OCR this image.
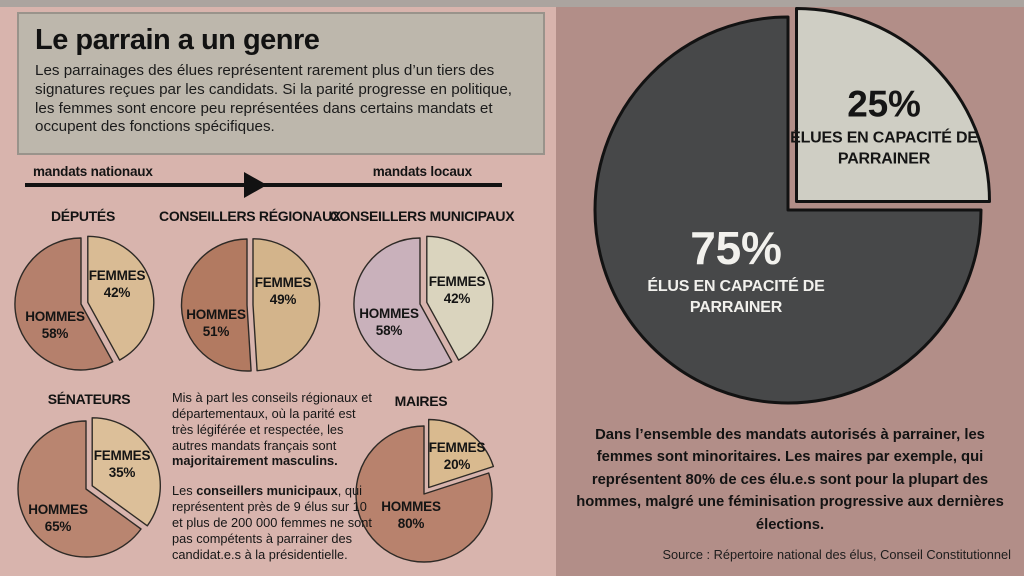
Le parrain a un genre

Les parrainages des élues représentent rarement plus d’un tiers des signatures reçues par les candidats. Si la parité progresse en politique, les femmes sont encore peu représentées dans certains mandats et occupent des fonctions spécifiques.

mandats nationaux	mandats locaux
DÉPUTÉS	CONSEILLERS RÉGIONAUX
CONSEILLERS MUNICIPAUX
SÉNATEURS	MAIRES
FEMMES
42%
HOMMES
58%
FEMMES
49%
HOMMES
51%
FEMMES
42%
HOMMES
58%
FEMMES
35%
HOMMES
65%
FEMMES
20%
HOMMES
80%
25%
ÉLUES EN CAPACITÉ DE PARRAINER
75%
ÉLUS EN CAPACITÉ DE PARRAINER

Mis à part les conseils régionaux et départementaux, où la parité est très légiférée et respectée, les autres mandats français sont majoritairement masculins.

Les conseillers municipaux, qui représentent près de 9 élus sur 10 et plus de 200 000 femmes ne sont pas compétents à parrainer des candidat.e.s à la présidentielle.

Dans l’ensemble des mandats autorisés à parrainer, les femmes sont minoritaires. Les maires par exemple, qui représentent 80% de ces élu.e.s sont pour la plupart des hommes, malgré une féminisation progressive aux dernières élections.

Source : Répertoire national des élus, Conseil Constitutionnel
